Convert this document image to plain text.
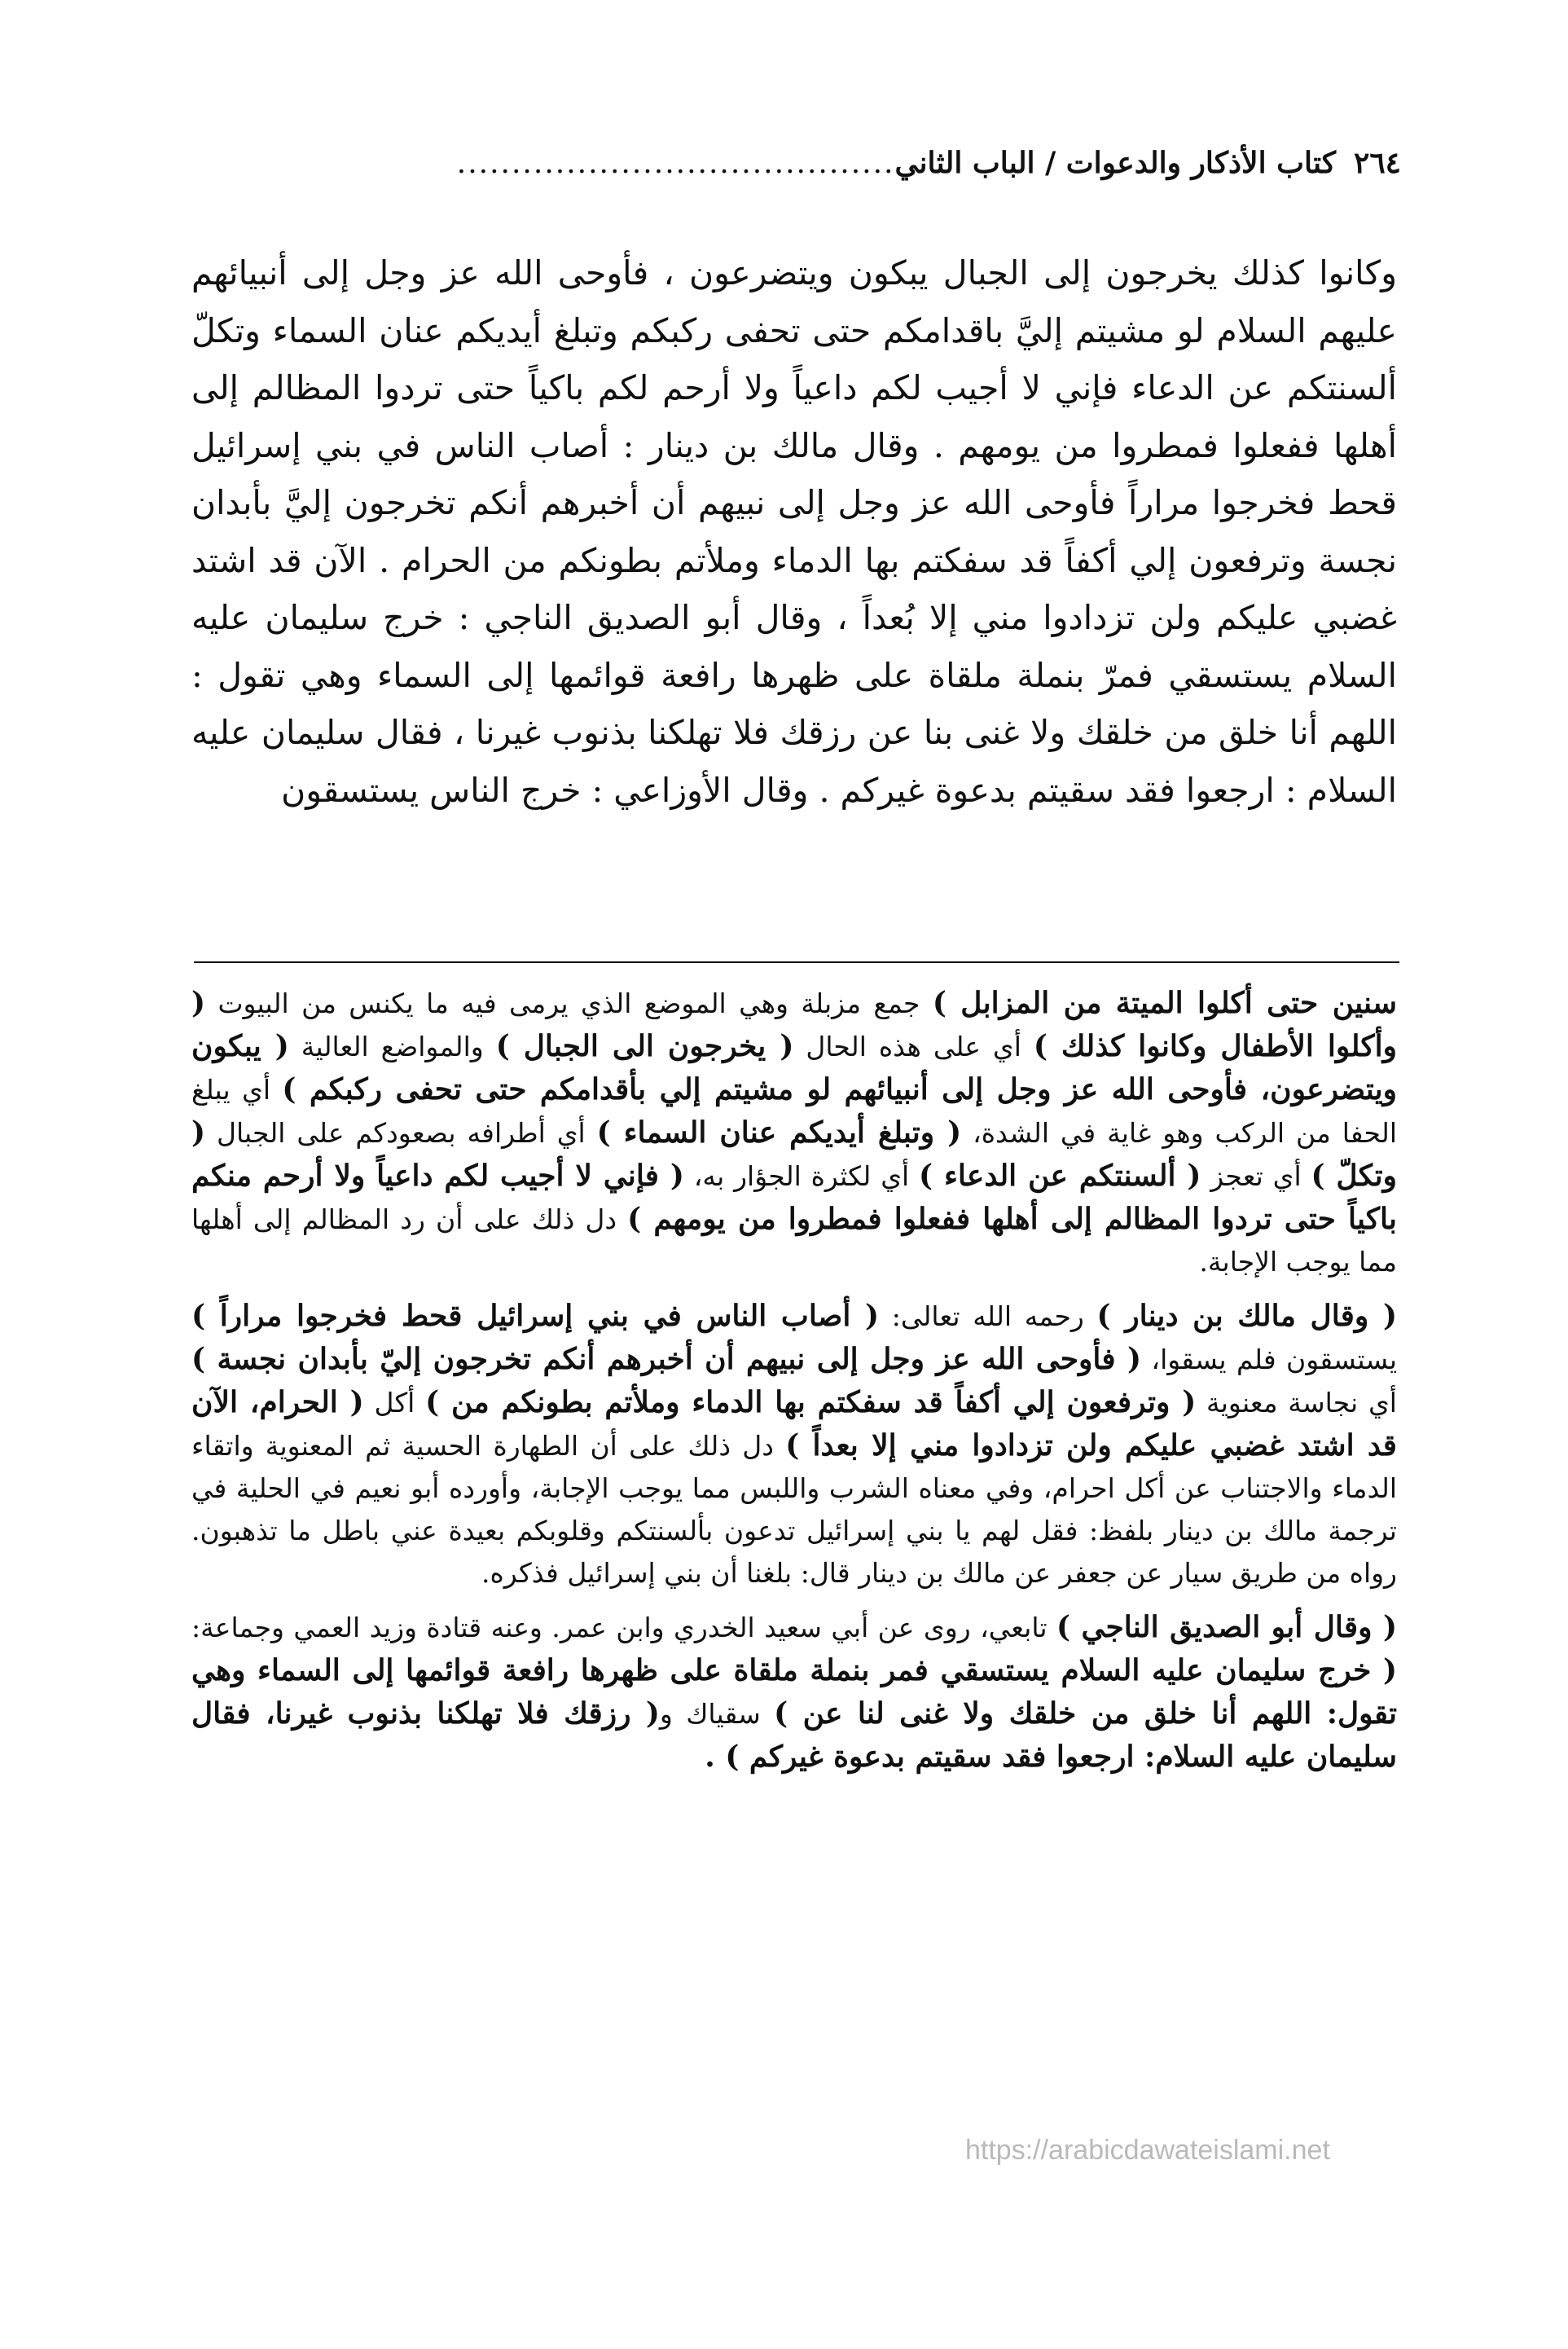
٢٦٤
كتاب الأذكار والدعوات / الباب الثاني
........................................

وكانوا كذلك يخرجون إلى الجبال يبكون ويتضرعون ، فأوحى الله عز وجل إلى أنبيائهم عليهم السلام لو مشيتم إليَّ باقدامكم حتى تحفى ركبكم وتبلغ أيديكم عنان السماء وتكلّ ألسنتكم عن الدعاء فإني لا أجيب لكم داعياً ولا أرحم لكم باكياً حتى تردوا المظالم إلى أهلها ففعلوا فمطروا من يومهم . وقال مالك بن دينار : أصاب الناس في بني إسرائيل قحط فخرجوا مراراً فأوحى الله عز وجل إلى نبيهم أن أخبرهم أنكم تخرجون إليَّ بأبدان نجسة وترفعون إلي أكفاً قد سفكتم بها الدماء وملأتم بطونكم من الحرام . الآن قد اشتد غضبي عليكم ولن تزدادوا مني إلا بُعداً ، وقال أبو الصديق الناجي : خرج سليمان عليه السلام يستسقي فمرّ بنملة ملقاة على ظهرها رافعة قوائمها إلى السماء وهي تقول : اللهم أنا خلق من خلقك ولا غنى بنا عن رزقك فلا تهلكنا بذنوب غيرنا ، فقال سليمان عليه السلام : ارجعوا فقد سقيتم بدعوة غيركم . وقال الأوزاعي : خرج الناس يستسقون

سنين حتى أكلوا الميتة من المزابل ) جمع مزبلة وهي الموضع الذي يرمى فيه ما يكنس من البيوت ( وأكلوا الأطفال وكانوا كذلك ) أي على هذه الحال ( يخرجون الى الجبال ) والمواضع العالية ( يبكون ويتضرعون، فأوحى الله عز وجل إلى أنبيائهم لو مشيتم إلي بأقدامكم حتى تحفى ركبكم ) أي يبلغ الحفا من الركب وهو غاية في الشدة، ( وتبلغ أيديكم عنان السماء ) أي أطرافه بصعودكم على الجبال ( وتكلّ ) أي تعجز ( ألسنتكم عن الدعاء ) أي لكثرة الجؤار به، ( فإني لا أجيب لكم داعياً ولا أرحم منكم باكياً حتى تردوا المظالم إلى أهلها ففعلوا فمطروا من يومهم ) دل ذلك على أن رد المظالم إلى أهلها مما يوجب الإجابة.

( وقال مالك بن دينار ) رحمه الله تعالى: ( أصاب الناس في بني إسرائيل قحط فخرجوا مراراً ) يستسقون فلم يسقوا، ( فأوحى الله عز وجل إلى نبيهم أن أخبرهم أنكم تخرجون إليّ بأبدان نجسة ) أي نجاسة معنوية ( وترفعون إلي أكفاً قد سفكتم بها الدماء وملأتم بطونكم من ) أكل ( الحرام، الآن قد اشتد غضبي عليكم ولن تزدادوا مني إلا بعداً ) دل ذلك على أن الطهارة الحسية ثم المعنوية واتقاء الدماء والاجتناب عن أكل احرام، وفي معناه الشرب واللبس مما يوجب الإجابة، وأورده أبو نعيم في الحلية في ترجمة مالك بن دينار بلفظ: فقل لهم يا بني إسرائيل تدعون بألسنتكم وقلوبكم بعيدة عني باطل ما تذهبون. رواه من طريق سيار عن جعفر عن مالك بن دينار قال: بلغنا أن بني إسرائيل فذكره.

( وقال أبو الصديق الناجي ) تابعي، روى عن أبي سعيد الخدري وابن عمر. وعنه قتادة وزيد العمي وجماعة: ( خرج سليمان عليه السلام يستسقي فمر بنملة ملقاة على ظهرها رافعة قوائمها إلى السماء وهي تقول: اللهم أنا خلق من خلقك ولا غنى لنا عن ) سقياك و( رزقك فلا تهلكنا بذنوب غيرنا، فقال سليمان عليه السلام: ارجعوا فقد سقيتم بدعوة غيركم ) .

https://arabicdawateislami.net
